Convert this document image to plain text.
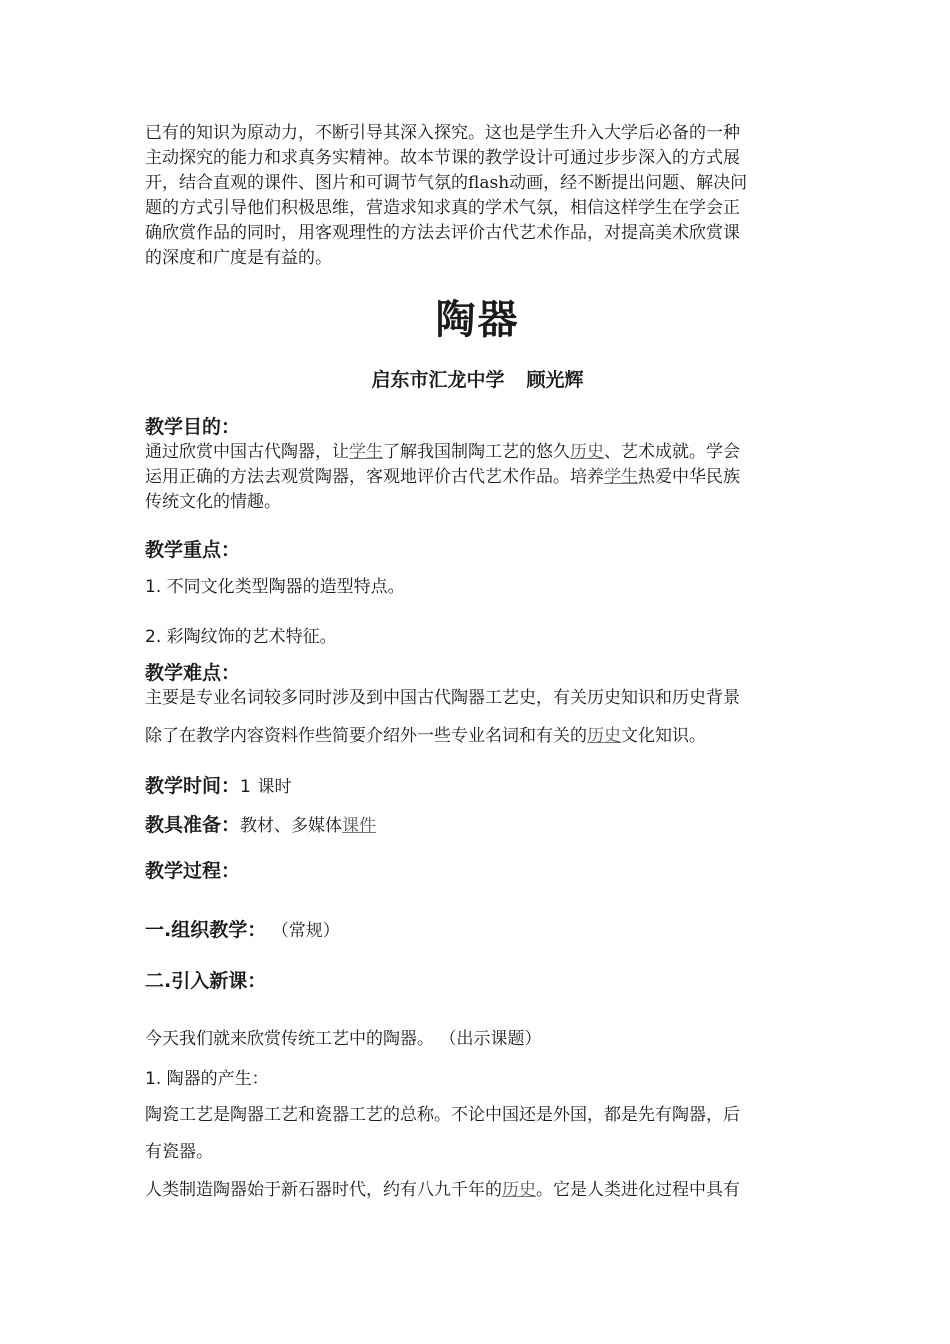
已有的知识为原动力，不断引导其深入探究。这也是学生升入大学后必备的一种

主动探究的能力和求真务实精神。故本节课的教学设计可通过步步深入的方式展

开，结合直观的课件、图片和可调节气氛的flash动画，经不断提出问题、解决问

题的方式引导他们积极思维，营造求知求真的学术气氛，相信这样学生在学会正

确欣赏作品的同时，用客观理性的方法去评价古代艺术作品，对提高美术欣赏课

的深度和广度是有益的。

陶器
启东市汇龙中学 顾光辉
教学目的：

通过欣赏中国古代陶器，让学生了解我国制陶工艺的悠久历史、艺术成就。学会

运用正确的方法去观赏陶器，客观地评价古代艺术作品。培养学生热爱中华民族

传统文化的情趣。

教学重点：
1. 不同文化类型陶器的造型特点。
2. 彩陶纹饰的艺术特征。
教学难点：
主要是专业名词较多同时涉及到中国古代陶器工艺史，有关历史知识和历史背景
除了在教学内容资料作些简要介绍外一些专业名词和有关的历史文化知识。
教学时间：1 课时
教具准备：教材、多媒体课件
教学过程：
一.组织教学： （常规）
二.引入新课：
今天我们就来欣赏传统工艺中的陶器。 （出示课题）
1. 陶器的产生：
陶瓷工艺是陶器工艺和瓷器工艺的总称。不论中国还是外国，都是先有陶器，后
有瓷器。
人类制造陶器始于新石器时代，约有八九千年的历史。它是人类进化过程中具有
